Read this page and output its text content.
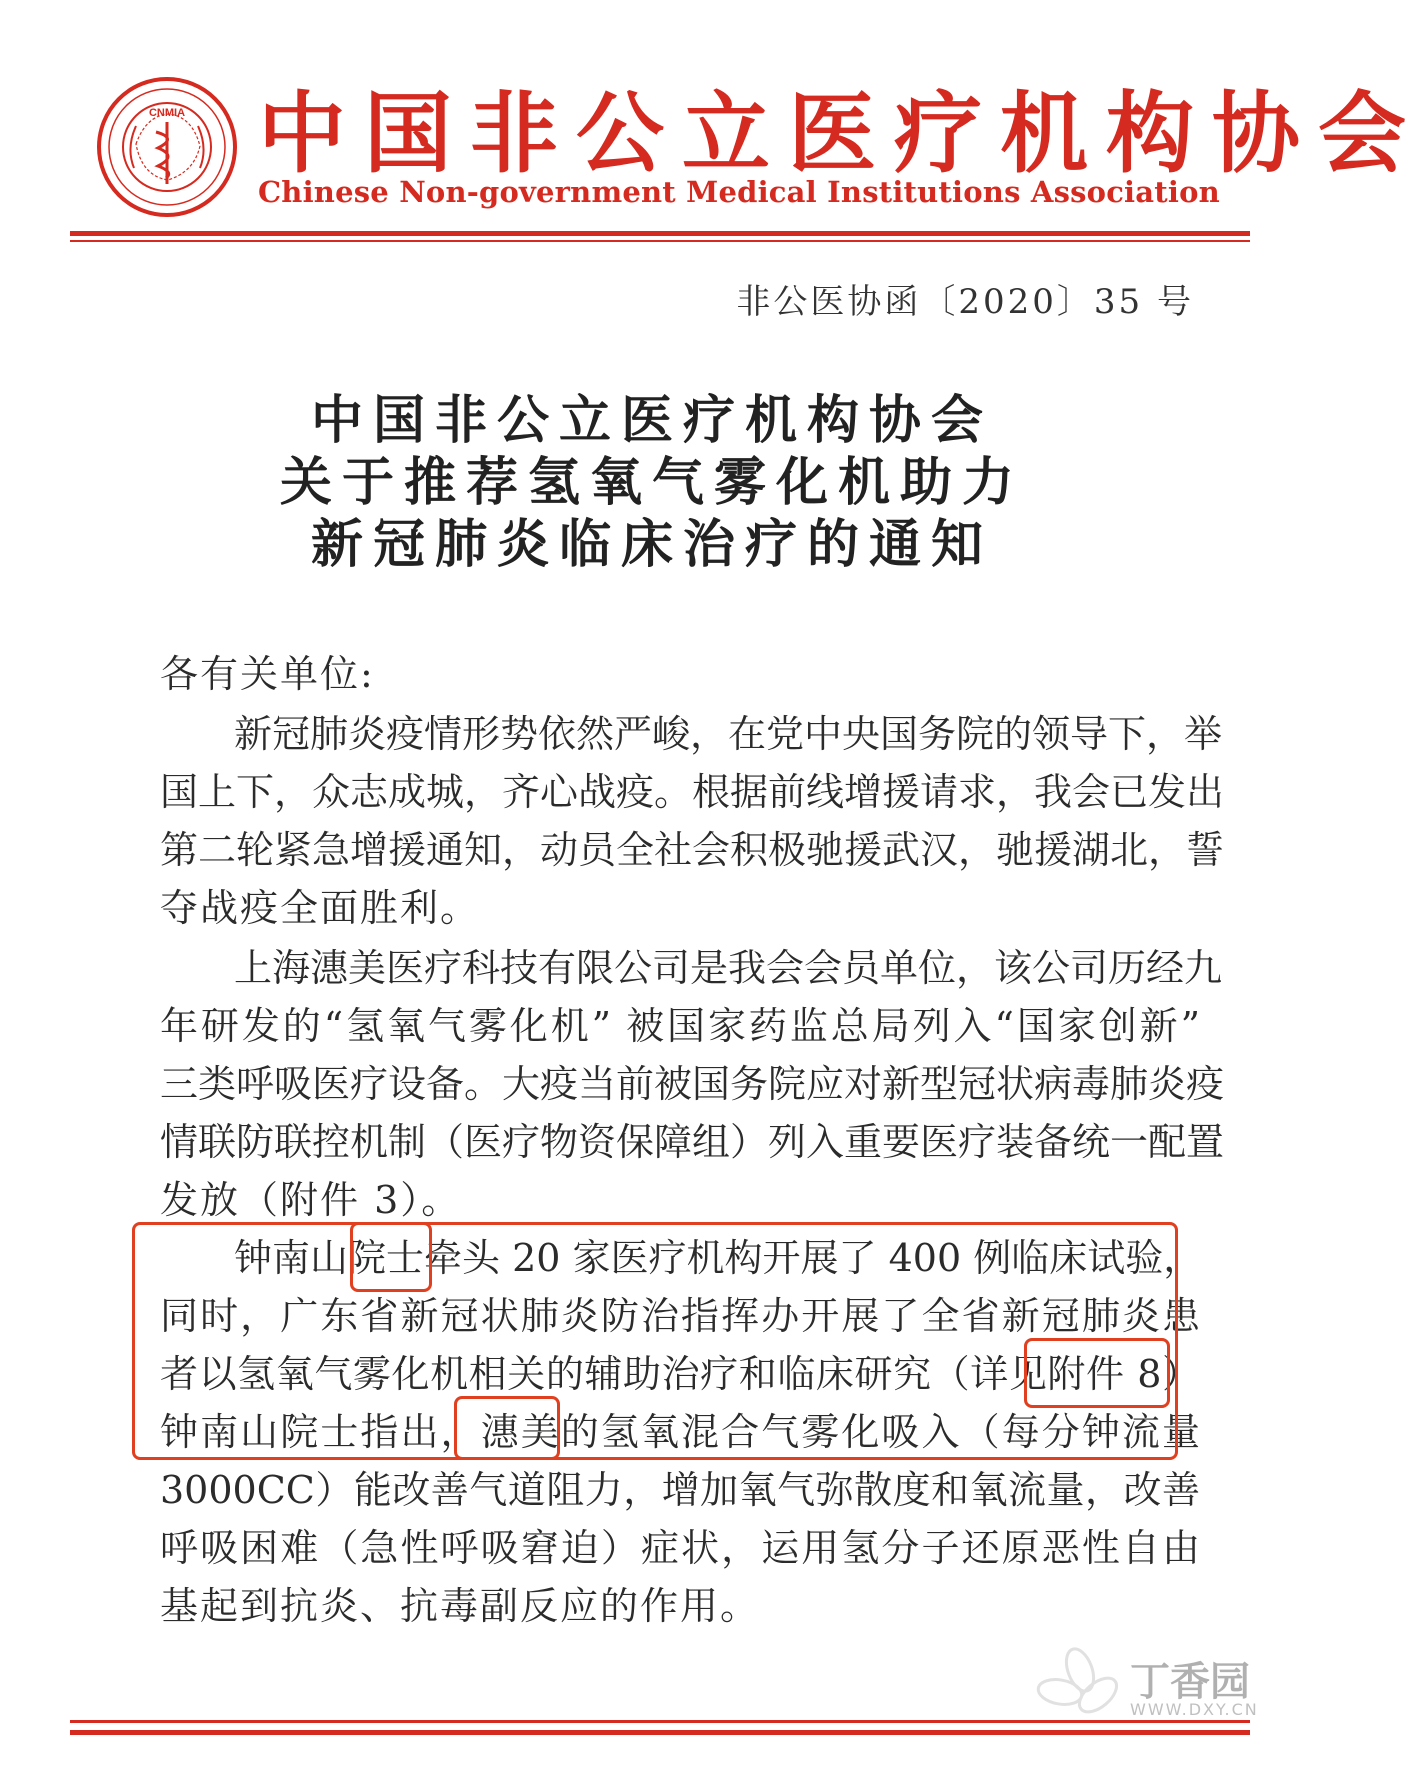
CNMIA 中国非公立医疗机构协会
Chinese Non-government Medical Institutions Association
非公医协函〔2020〕35 号
中国非公立医疗机构协会
关于推荐氢氧气雾化机助力
新冠肺炎临床治疗的通知
各有关单位:
新冠肺炎疫情形势依然严峻，在党中央国务院的领导下，举
国上下，众志成城，齐心战疫。根据前线增援请求，我会已发出
第二轮紧急增援通知，动员全社会积极驰援武汉，驰援湖北，誓
夺战疫全面胜利。
上海潓美医疗科技有限公司是我会会员单位，该公司历经九
年研发的“氢氧气雾化机” 被国家药监总局列入“国家创新”
三类呼吸医疗设备。大疫当前被国务院应对新型冠状病毒肺炎疫
情联防联控机制（医疗物资保障组）列入重要医疗装备统一配置
发放（附件 3）。
钟南山院士牵头 20 家医疗机构开展了 400 例临床试验，
同时，广东省新冠状肺炎防治指挥办开展了全省新冠肺炎患
者以氢氧气雾化机相关的辅助治疗和临床研究（详见附件 8）
钟南山院士指出，潓美的氢氧混合气雾化吸入（每分钟流量
3000CC）能改善气道阻力，增加氧气弥散度和氧流量，改善
呼吸困难（急性呼吸窘迫）症状，运用氢分子还原恶性自由
基起到抗炎、抗毒副反应的作用。
丁香园
WWW.DXY.CN
